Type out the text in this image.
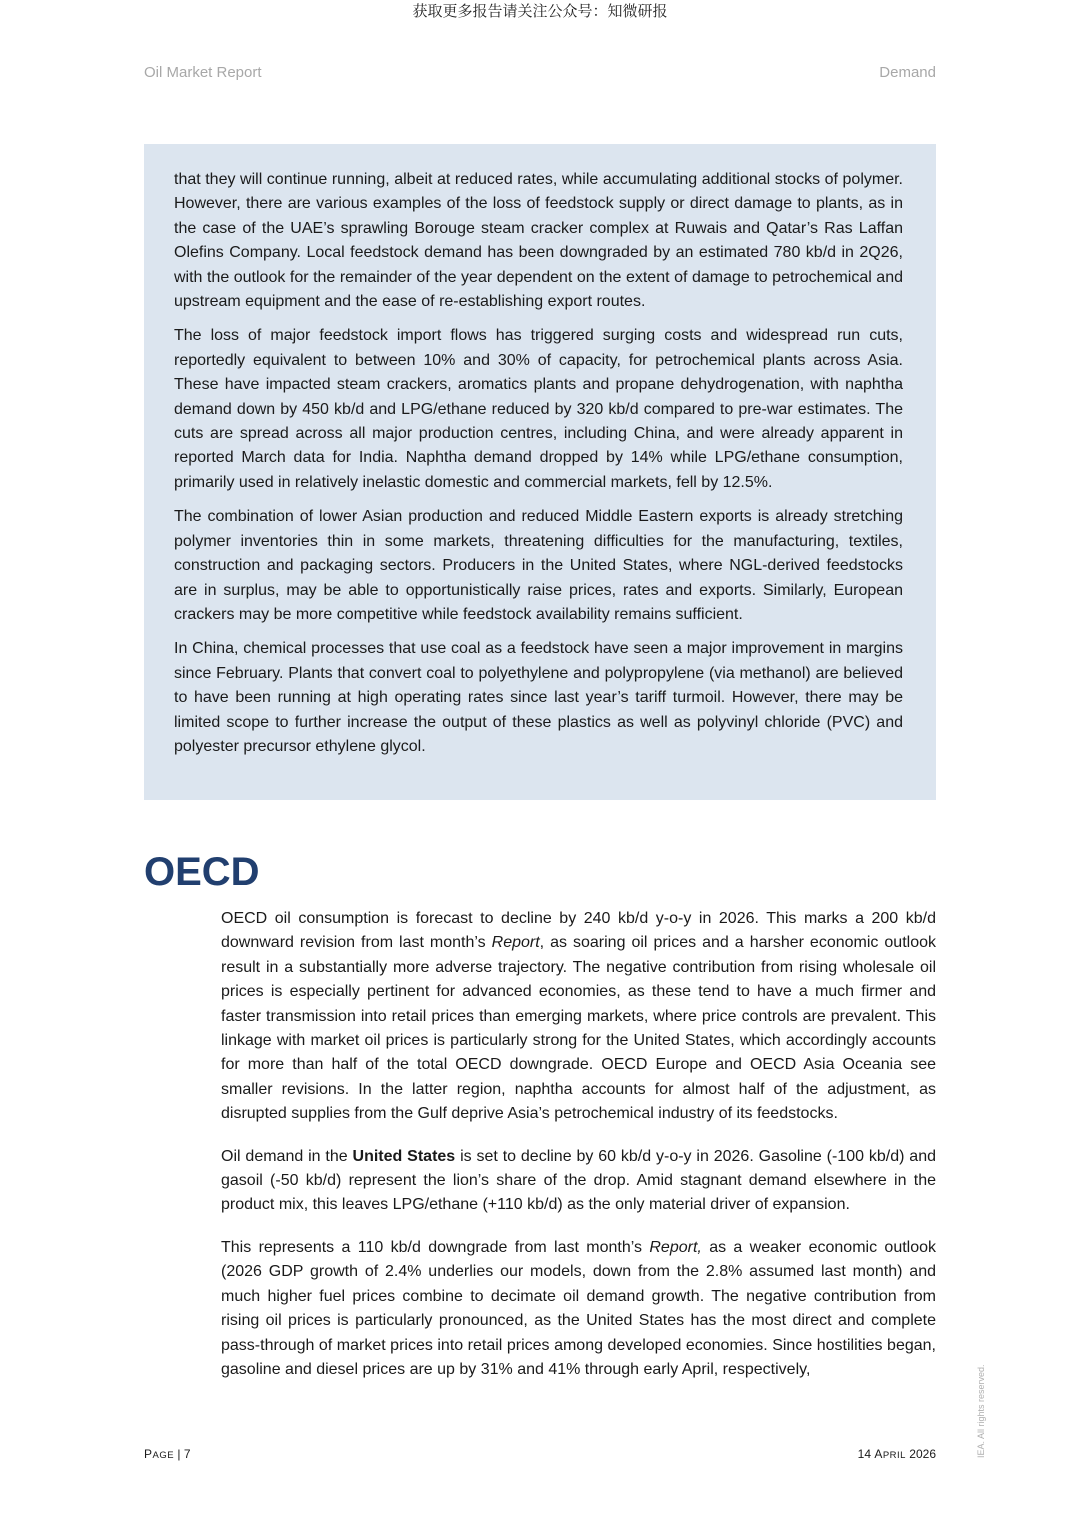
获取更多报告请关注公众号：知微研报
Oil Market Report	Demand

that they will continue running, albeit at reduced rates, while accumulating additional stocks of polymer. However, there are various examples of the loss of feedstock supply or direct damage to plants, as in the case of the UAE’s sprawling Borouge steam cracker complex at Ruwais and Qatar’s Ras Laffan Olefins Company. Local feedstock demand has been downgraded by an estimated 780 kb/d in 2Q26, with the outlook for the remainder of the year dependent on the extent of damage to petrochemical and upstream equipment and the ease of re-establishing export routes.

The loss of major feedstock import flows has triggered surging costs and widespread run cuts, reportedly equivalent to between 10% and 30% of capacity, for petrochemical plants across Asia. These have impacted steam crackers, aromatics plants and propane dehydrogenation, with naphtha demand down by 450 kb/d and LPG/ethane reduced by 320 kb/d compared to pre-war estimates. The cuts are spread across all major production centres, including China, and were already apparent in reported March data for India. Naphtha demand dropped by 14% while LPG/ethane consumption, primarily used in relatively inelastic domestic and commercial markets, fell by 12.5%.

The combination of lower Asian production and reduced Middle Eastern exports is already stretching polymer inventories thin in some markets, threatening difficulties for the manufacturing, textiles, construction and packaging sectors. Producers in the United States, where NGL-derived feedstocks are in surplus, may be able to opportunistically raise prices, rates and exports. Similarly, European crackers may be more competitive while feedstock availability remains sufficient.

In China, chemical processes that use coal as a feedstock have seen a major improvement in margins since February. Plants that convert coal to polyethylene and polypropylene (via methanol) are believed to have been running at high operating rates since last year’s tariff turmoil. However, there may be limited scope to further increase the output of these plastics as well as polyvinyl chloride (PVC) and polyester precursor ethylene glycol.

OECD

OECD oil consumption is forecast to decline by 240 kb/d y-o-y in 2026. This marks a 200 kb/d downward revision from last month’s Report, as soaring oil prices and a harsher economic outlook result in a substantially more adverse trajectory. The negative contribution from rising wholesale oil prices is especially pertinent for advanced economies, as these tend to have a much firmer and faster transmission into retail prices than emerging markets, where price controls are prevalent. This linkage with market oil prices is particularly strong for the United States, which accordingly accounts for more than half of the total OECD downgrade. OECD Europe and OECD Asia Oceania see smaller revisions. In the latter region, naphtha accounts for almost half of the adjustment, as disrupted supplies from the Gulf deprive Asia’s petrochemical industry of its feedstocks.

Oil demand in the United States is set to decline by 60 kb/d y-o-y in 2026. Gasoline (-100 kb/d) and gasoil (-50 kb/d) represent the lion’s share of the drop. Amid stagnant demand elsewhere in the product mix, this leaves LPG/ethane (+110 kb/d) as the only material driver of expansion.

This represents a 110 kb/d downgrade from last month’s Report, as a weaker economic outlook (2026 GDP growth of 2.4% underlies our models, down from the 2.8% assumed last month) and much higher fuel prices combine to decimate oil demand growth. The negative contribution from rising oil prices is particularly pronounced, as the United States has the most direct and complete pass-through of market prices into retail prices among developed economies. Since hostilities began, gasoline and diesel prices are up by 31% and 41% through early April, respectively,

PAGE | 7	14 APRIL 2026	IEA. All rights reserved.
